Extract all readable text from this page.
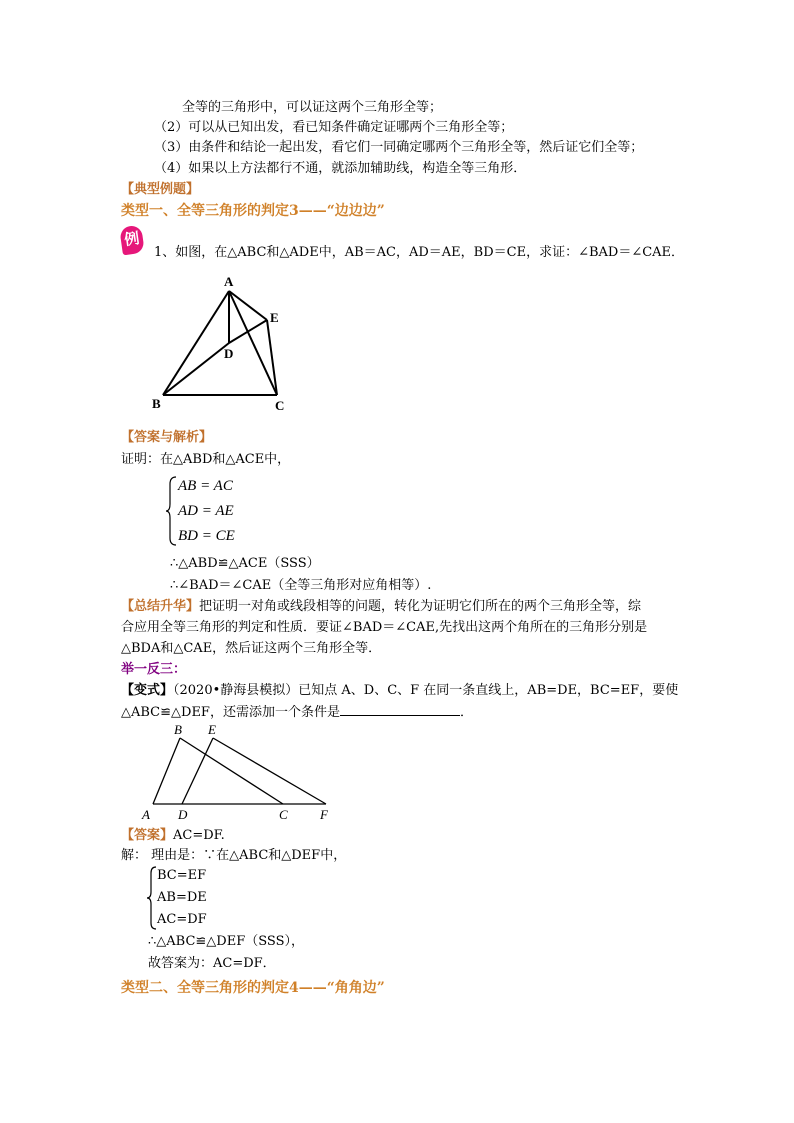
全等的三角形中，可以证这两个三角形全等；
（2）可以从已知出发，看已知条件确定证哪两个三角形全等；
（3）由条件和结论一起出发，看它们一同确定哪两个三角形全等，然后证它们全等；
（4）如果以上方法都行不通，就添加辅助线，构造全等三角形．
【典型例题】
类型一、全等三角形的判定3——“边边边”
例
1、如图，在△ABC和△ADE中，AB＝AC，AD＝AE，BD＝CE，求证：∠BAD＝∠CAE．
A
B	C
D
E
【答案与解析】
证明：在△ABD和△ACE中，
AB = AC
AD = AE
BD = CE
∴△ABD≌△ACE（SSS）
∴∠BAD＝∠CAE（全等三角形对应角相等）.
【总结升华】把证明一对角或线段相等的问题，转化为证明它们所在的两个三角形全等，综
合应用全等三角形的判定和性质．要证∠BAD＝∠CAE,先找出这两个角所在的三角形分别是
△BDA和△CAE，然后证这两个三角形全等．
举一反三：
【变式】（2020•静海县模拟）已知点 A、D、C、F 在同一条直线上，AB=DE，BC=EF，要使
△ABC≌△DEF，还需添加一个条件是	．
B E
A D	C F
【答案】AC=DF.
解： 理由是：∵在△ABC和△DEF中，
BC=EF
AB=DE
AC=DF
∴△ABC≌△DEF（SSS），
故答案为：AC=DF．
类型二、全等三角形的判定4——“角角边”
